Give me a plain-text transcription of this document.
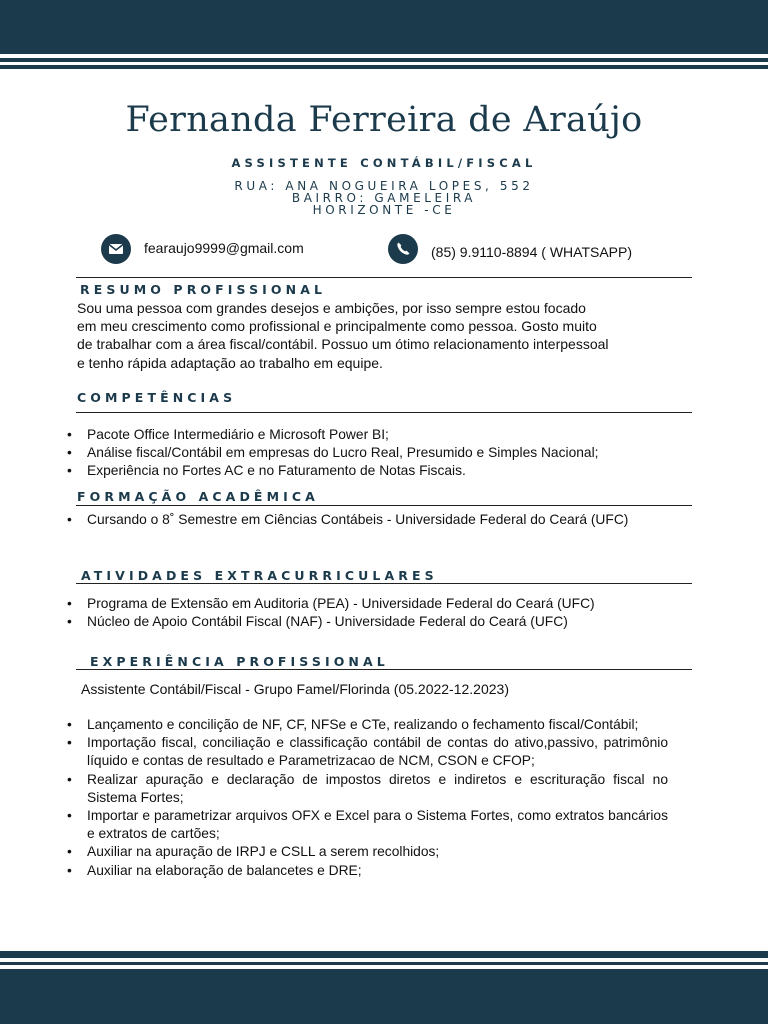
Fernanda Ferreira de Araújo
ASSISTENTE CONTÁBIL/FISCAL
RUA: ANA NOGUEIRA LOPES, 552
BAIRRO: GAMELEIRA
HORIZONTE -CE
fearaujo9999@gmail.com	(85) 9.9110-8894 ( WHATSAPP)
RESUMO PROFISSIONAL
Sou uma pessoa com grandes desejos e ambições, por isso sempre estou focado
em meu crescimento como profissional e principalmente como pessoa. Gosto muito
de trabalhar com a área fiscal/contábil. Possuo um ótimo relacionamento interpessoal
e tenho rápida adaptação ao trabalho em equipe.
COMPETÊNCIAS
• Pacote Office Intermediário e Microsoft Power BI;
• Análise fiscal/Contábil em empresas do Lucro Real, Presumido e Simples Nacional;
• Experiência no Fortes AC e no Faturamento de Notas Fiscais.
FORMAÇÃO ACADÊMICA
• Cursando o 8˚ Semestre em Ciências Contábeis - Universidade Federal do Ceará (UFC)
ATIVIDADES EXTRACURRICULARES
• Programa de Extensão em Auditoria (PEA) - Universidade Federal do Ceará (UFC)
• Núcleo de Apoio Contábil Fiscal (NAF) - Universidade Federal do Ceará (UFC)
EXPERIÊNCIA PROFISSIONAL
Assistente Contábil/Fiscal - Grupo Famel/Florinda (05.2022-12.2023)
• Lançamento e concilição de NF, CF, NFSe e CTe, realizando o fechamento fiscal/Contábil;
• Importação fiscal, conciliação e classificação contábil de contas do ativo,passivo, patrimônio líquido e contas de resultado e Parametrizacao de NCM, CSON e CFOP;
• Realizar apuração e declaração de impostos diretos e indiretos e escrituração fiscal no Sistema Fortes;
• Importar e parametrizar arquivos OFX e Excel para o Sistema Fortes, como extratos bancários e extratos de cartões;
• Auxiliar na apuração de IRPJ e CSLL a serem recolhidos;
• Auxiliar na elaboração de balancetes e DRE;
